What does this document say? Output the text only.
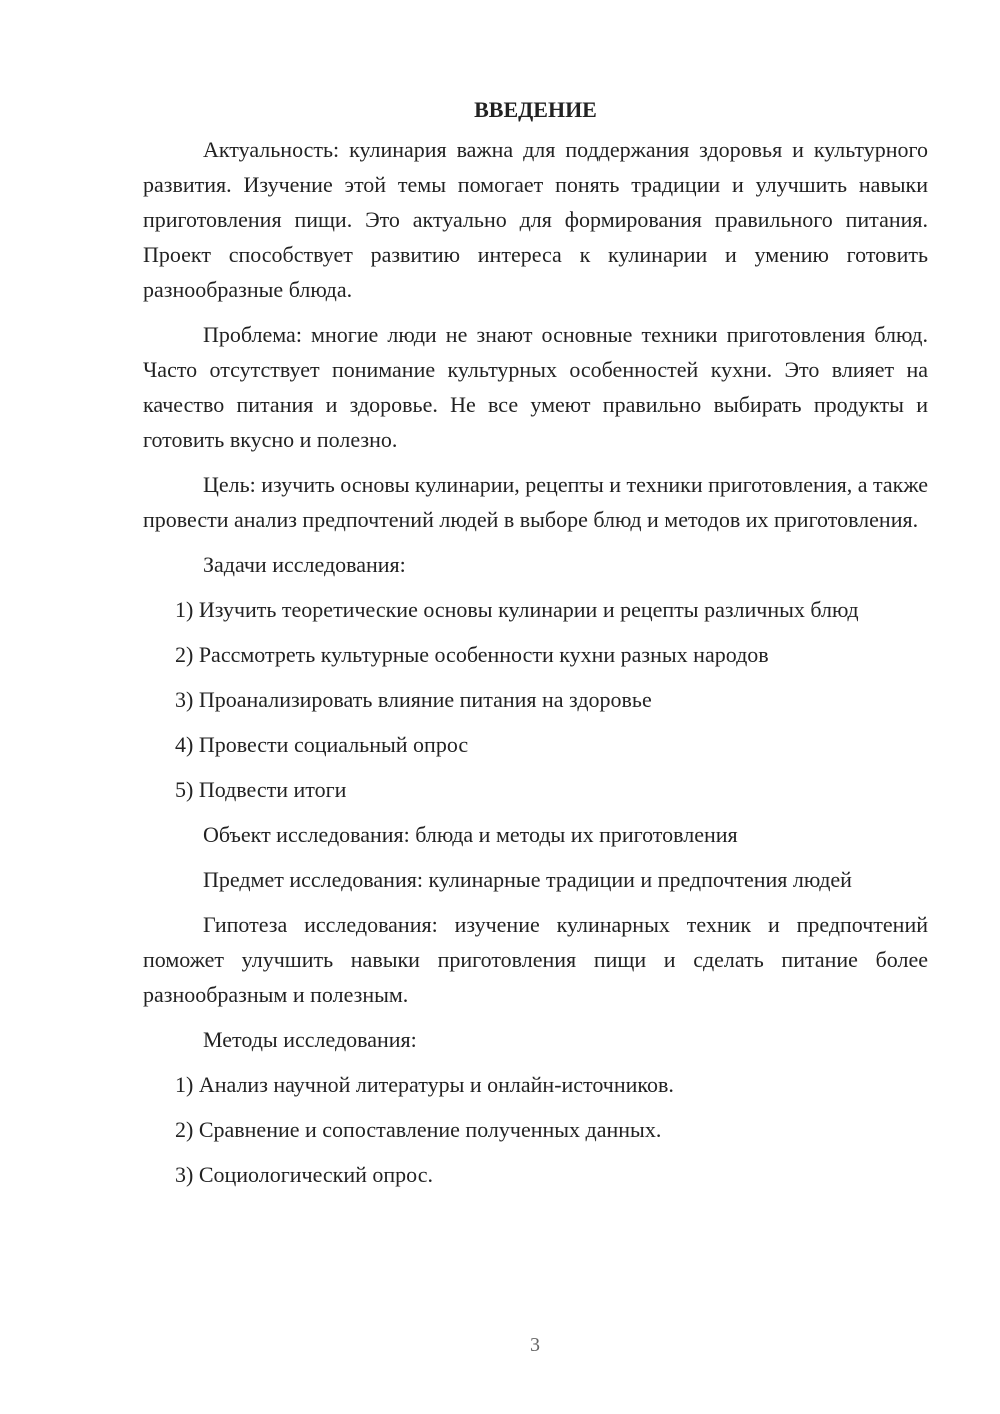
ВВЕДЕНИЕ

Актуальность: кулинария важна для поддержания здоровья и культурного развития. Изучение этой темы помогает понять традиции и улучшить навыки приготовления пищи. Это актуально для формирования правильного питания. Проект способствует развитию интереса к кулинарии и умению готовить разнообразные блюда.

Проблема: многие люди не знают основные техники приготовления блюд. Часто отсутствует понимание культурных особенностей кухни. Это влияет на качество питания и здоровье. Не все умеют правильно выбирать продукты и готовить вкусно и полезно.

Цель: изучить основы кулинарии, рецепты и техники приготовления, а также провести анализ предпочтений людей в выборе блюд и методов их приготовления.

Задачи исследования:

1) Изучить теоретические основы кулинарии и рецепты различных блюд

2) Рассмотреть культурные особенности кухни разных народов

3) Проанализировать влияние питания на здоровье

4) Провести социальный опрос

5) Подвести итоги

Объект исследования: блюда и методы их приготовления

Предмет исследования: кулинарные традиции и предпочтения людей

Гипотеза исследования: изучение кулинарных техник и предпочтений поможет улучшить навыки приготовления пищи и сделать питание более разнообразным и полезным.

Методы исследования:

1) Анализ научной литературы и онлайн-источников.

2) Сравнение и сопоставление полученных данных.

3) Социологический опрос.

3
